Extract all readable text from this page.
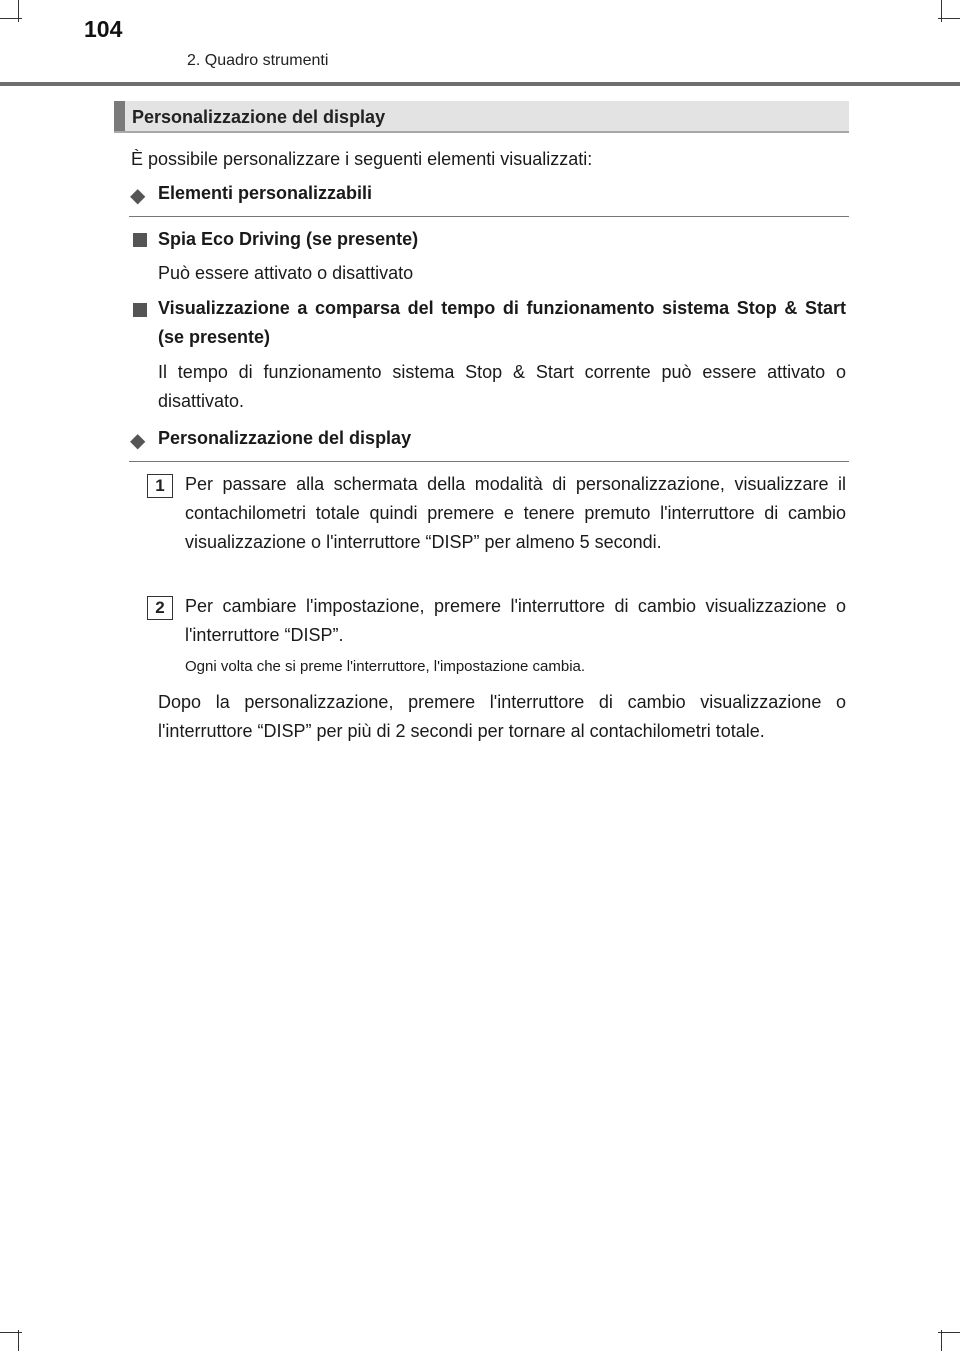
104
2. Quadro strumenti
Personalizzazione del display
È possibile personalizzare i seguenti elementi visualizzati:
◆ Elementi personalizzabili
Spia Eco Driving (se presente)
Può essere attivato o disattivato
Visualizzazione a comparsa del tempo di funzionamento sistema Stop & Start (se presente)
Il tempo di funzionamento sistema Stop & Start corrente può essere attivato o disattivato.
◆ Personalizzazione del display
1	Per passare alla schermata della modalità di personalizzazione, visualizzare il contachilometri totale quindi premere e tenere premuto l'interruttore di cambio visualizzazione o l'interruttore “DISP” per almeno 5 secondi.
2	Per cambiare l'impostazione, premere l'interruttore di cambio visualizzazione o l'interruttore “DISP”.
Ogni volta che si preme l'interruttore, l'impostazione cambia.
Dopo la personalizzazione, premere l'interruttore di cambio visualizzazione o l'interruttore “DISP” per più di 2 secondi per tornare al contachilometri totale.
